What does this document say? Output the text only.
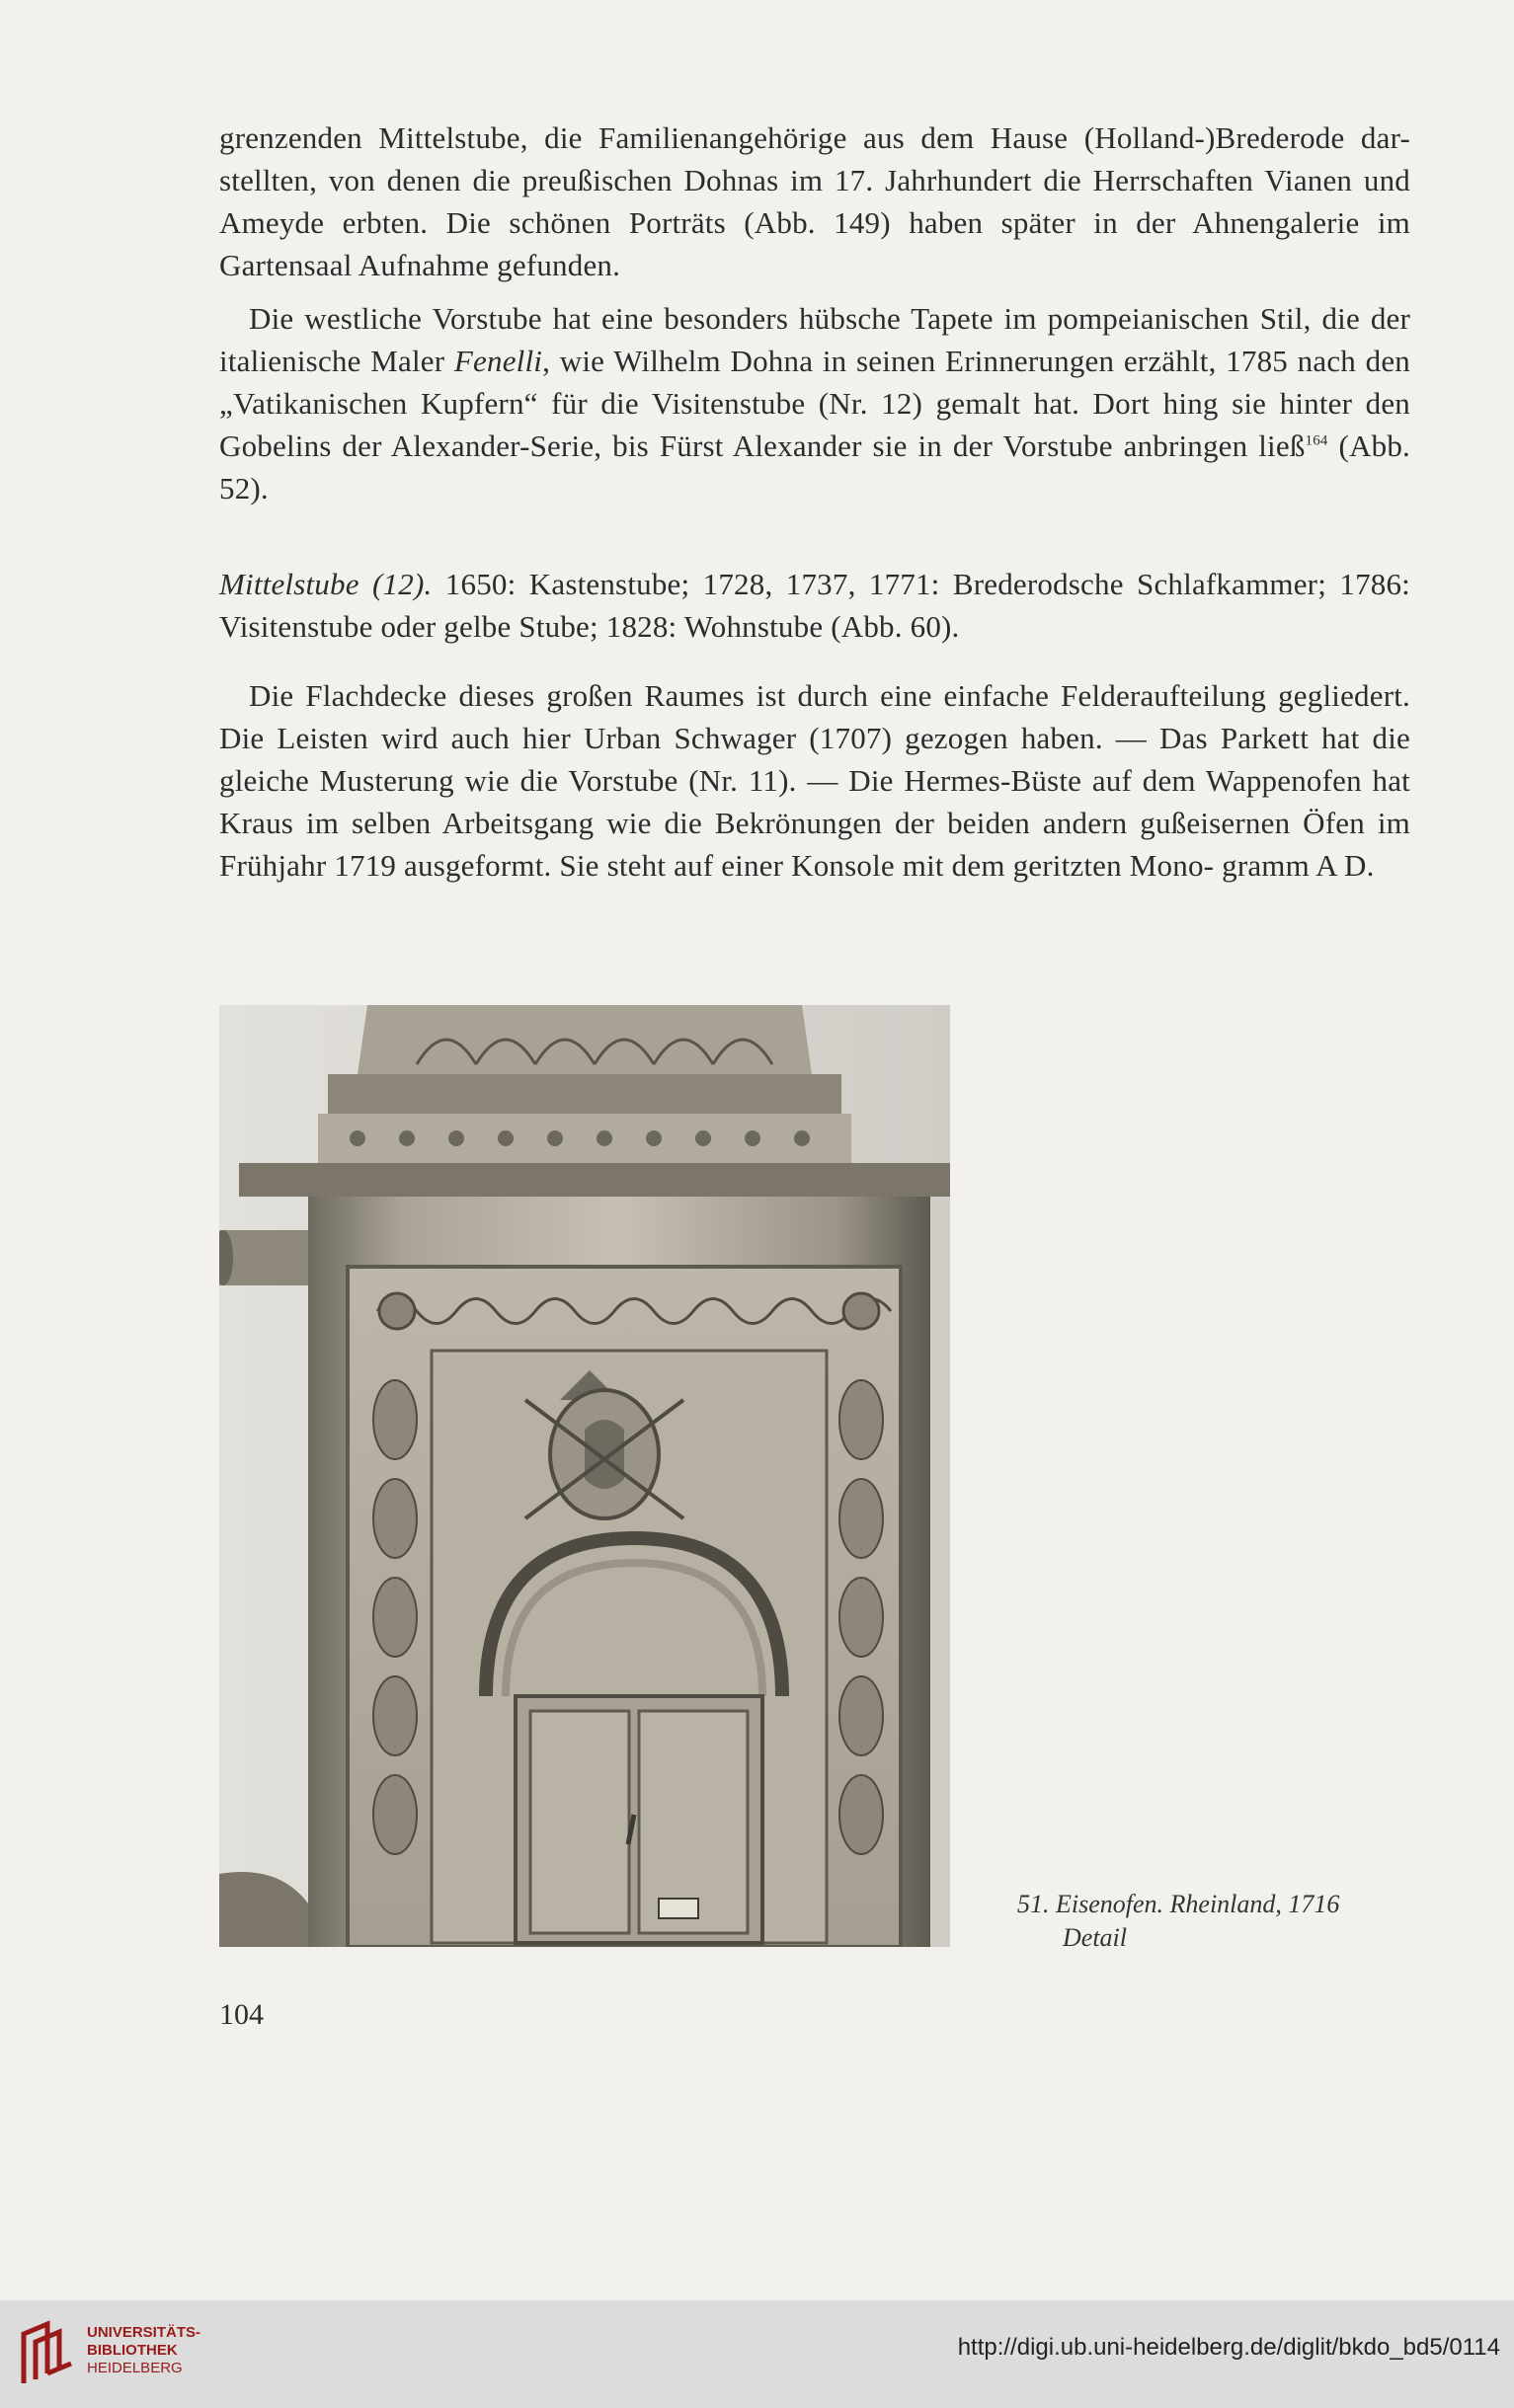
grenzenden Mittelstube, die Familienangehörige aus dem Hause (Holland-)Brederode dar- stellten, von denen die preußischen Dohnas im 17. Jahrhundert die Herrschaften Vianen und Ameyde erbten. Die schönen Porträts (Abb. 149) haben später in der Ahnengalerie im Gartensaal Aufnahme gefunden.

Die westliche Vorstube hat eine besonders hübsche Tapete im pompeianischen Stil, die der italienische Maler Fenelli, wie Wilhelm Dohna in seinen Erinnerungen erzählt, 1785 nach den „Vatikanischen Kupfern“ für die Visitenstube (Nr. 12) gemalt hat. Dort hing sie hinter den Gobelins der Alexander-Serie, bis Fürst Alexander sie in der Vorstube anbringen ließ$^{164}$ (Abb. 52).

Mittelstube (12). 1650: Kastenstube; 1728, 1737, 1771: Brederodsche Schlafkammer; 1786: Visitenstube oder gelbe Stube; 1828: Wohnstube (Abb. 60).

Die Flachdecke dieses großen Raumes ist durch eine einfache Felderaufteilung gegliedert. Die Leisten wird auch hier Urban Schwager (1707) gezogen haben. — Das Parkett hat die gleiche Musterung wie die Vorstube (Nr. 11). — Die Hermes-Büste auf dem Wappenofen hat Kraus im selben Arbeitsgang wie die Bekrönungen der beiden andern gußeisernen Öfen im Frühjahr 1719 ausgeformt. Sie steht auf einer Konsole mit dem geritzten Mono- gramm A D.

51. Eisenofen. Rheinland, 1716
Detail
104
UNIVERSITÄTS-
BIBLIOTHEK
HEIDELBERG
http://digi.ub.uni-heidelberg.de/diglit/bkdo_bd5/0114
